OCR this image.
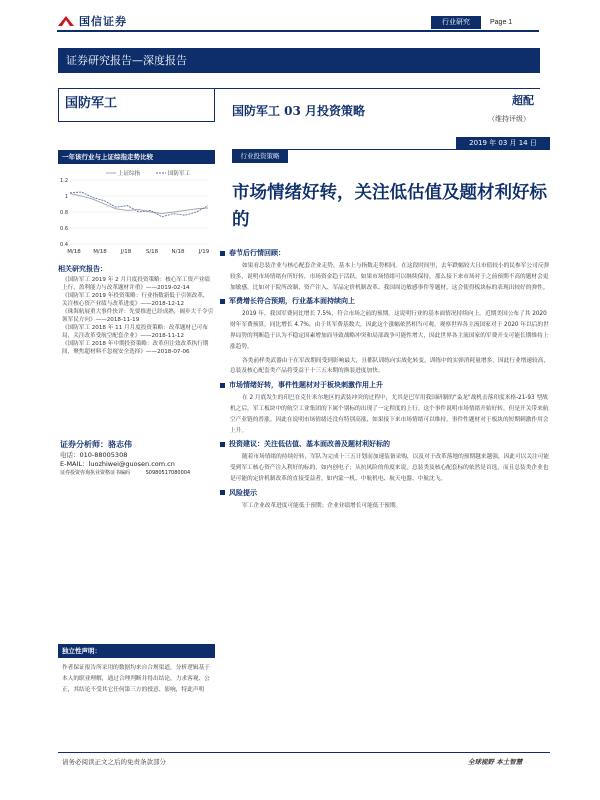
国信证券	行业研究	Page 1
证券研究报告—深度报告
国防军工	国防军工 03 月投资策略
超配
（维持评级）
2019 年 03 月 14 日
一年该行业与上证综指走势比较
1.2
1
0.8
0.6
0.4
M/18 M/18	J/18	S/18 N/18	J/19
上证综指	国防军工
相关研究报告：
《国防军工 2019 年 2 月月度投资策略：核心军工资产业绩上行，盈利能力与改革题材并重》——2019-02-14
《国防军工 2019 年投资策略：行业指数新低于引领改革，关注核心资产业绩与改革进度》——2018-12-12
《珠海航展重大事件快评：先要推进已经成熟，阔步大千令引领军民方向》——2018-11-19
《国防军工 2018 年 11 月月度投资策略：改革题材已可布局，关注改革受航空配套企业》——2018-11-12
《国防军工 2018 年中期投资策略：改革但注效改革执行期间，聚焦超材料不忽视安全选择》——2018-07-06
证券分析师：骆志伟
电话：010-88005308
E-MAIL：luozhiwei@guosen.com.cn
证券投资咨询执业资格证书编码	S0980517080004
独立性声明：
作者保证报告所采用的数据均来自合规渠道，分析逻辑基于本人的职业理解，通过合理判断并得出结论，力求客观、公正，其结论不受其它任何第三方的授意、影响，特此声明
行业投资策略
市场情绪好转，关注低估值及题材利好标的
春节后行情回顾：
如果看总装企业与核心配套企业走势，基本上与指数走势相同。在这段时间里，去年跌幅较大且市值较小的民参军公司反弹较多，说明市场情绪有所好转，市场资金趋于活跃。如果市场情绪可以继续保持，那么接下来市场对于之前预期不高的题材会更加敏感，比如对于院所改制、资产注入、军品定价机制改革、我国周边敏感事件等题材，这会使得板块标的表现出较好的弹性。
军费增长符合预期，行业基本面持续向上
2019 年，我国军费同比增长 7.5%，符合市场之前的预期。这说明行业的基本面情况持续向上。近期美国公布了其 2020 财年军费预算，同比增长 4.7%。由于其军费基数大，因此这个涨幅依然相当可观。观察世界各主流国家对于 2020 年以后的世界局势的判断趋于认为不稳定因素增加而导致战略冲突和局部战争可能性增大，因此世界各主流国家的军费开支可能长期维持上涨趋势。
各类前样类武器由于在军改期间受到影响最大，且都队训练向实战化转变，训练中的实弹消耗量增多，因此行业增速较高，总装及核心配套类产品将受益于十三五末期的换装进度加快。
市场情绪好转，事件性题材对于板块刺激作用上升
在 2 月底发生的印巴在克什米尔地区的武装冲突的过程中，尤其是巴军用我国研制的"枭龙"战机击落印度米格-21-93 型战机之后，军工板块中的航空工业集团的下属个别标的出现了一定程度的上行。这个事件说明市场情绪开始好转，但是开关带来航空产业链的普涨。因此在说明市场情绪还没有特别高涨，如果接下来市场情绪可以维持，事件性题材对于板块的短期刺激作用会上升。
投资建议：关注低估值、基本面改善及题材利好标的
随着市场情绪的持续好转，军队为完成十三五计划而加速装备采购，以及对于改革落地的预期越来越强，因此可以关注可能受到军工核心资产注入利好的标的，如内创电子；从抗风险的角度来说，总装类及核心配套标的依然是首选，而且总装类企业也是可能的定价机制改革的直接受益者，如内蒙一机、中航机电、航天电器、中航沈飞。
风险提示
军工企业改革进度可能低于预期；企业业绩增长可能低于预期。
请务必阅读正文之后的免责条款部分	全球视野 本土智慧
